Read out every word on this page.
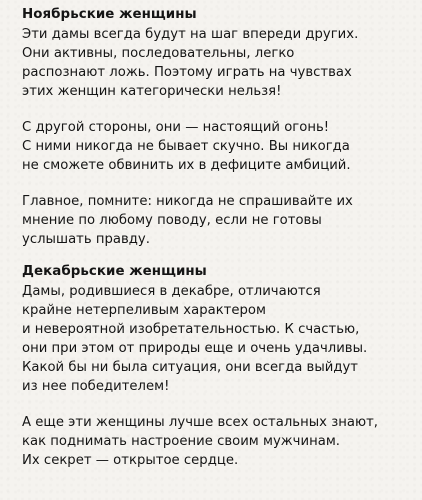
Ноябрьские женщины

Эти дамы всегда будут на шаг впереди других.
Они активны, последовательны, легко
распознают ложь. Поэтому играть на чувствах
этих женщин категорически нельзя!

С другой стороны, они — настоящий огонь!
С ними никогда не бывает скучно. Вы никогда
не сможете обвинить их в дефиците амбиций.

Главное, помните: никогда не спрашивайте их
мнение по любому поводу, если не готовы
услышать правду.

Декабрьские женщины

Дамы, родившиеся в декабре, отличаются
крайне нетерпеливым характером
и невероятной изобретательностью. К счастью,
они при этом от природы еще и очень удачливы.
Какой бы ни была ситуация, они всегда выйдут
из нее победителем!

А еще эти женщины лучше всех остальных знают,
как поднимать настроение своим мужчинам.
Их секрет — открытое сердце.
